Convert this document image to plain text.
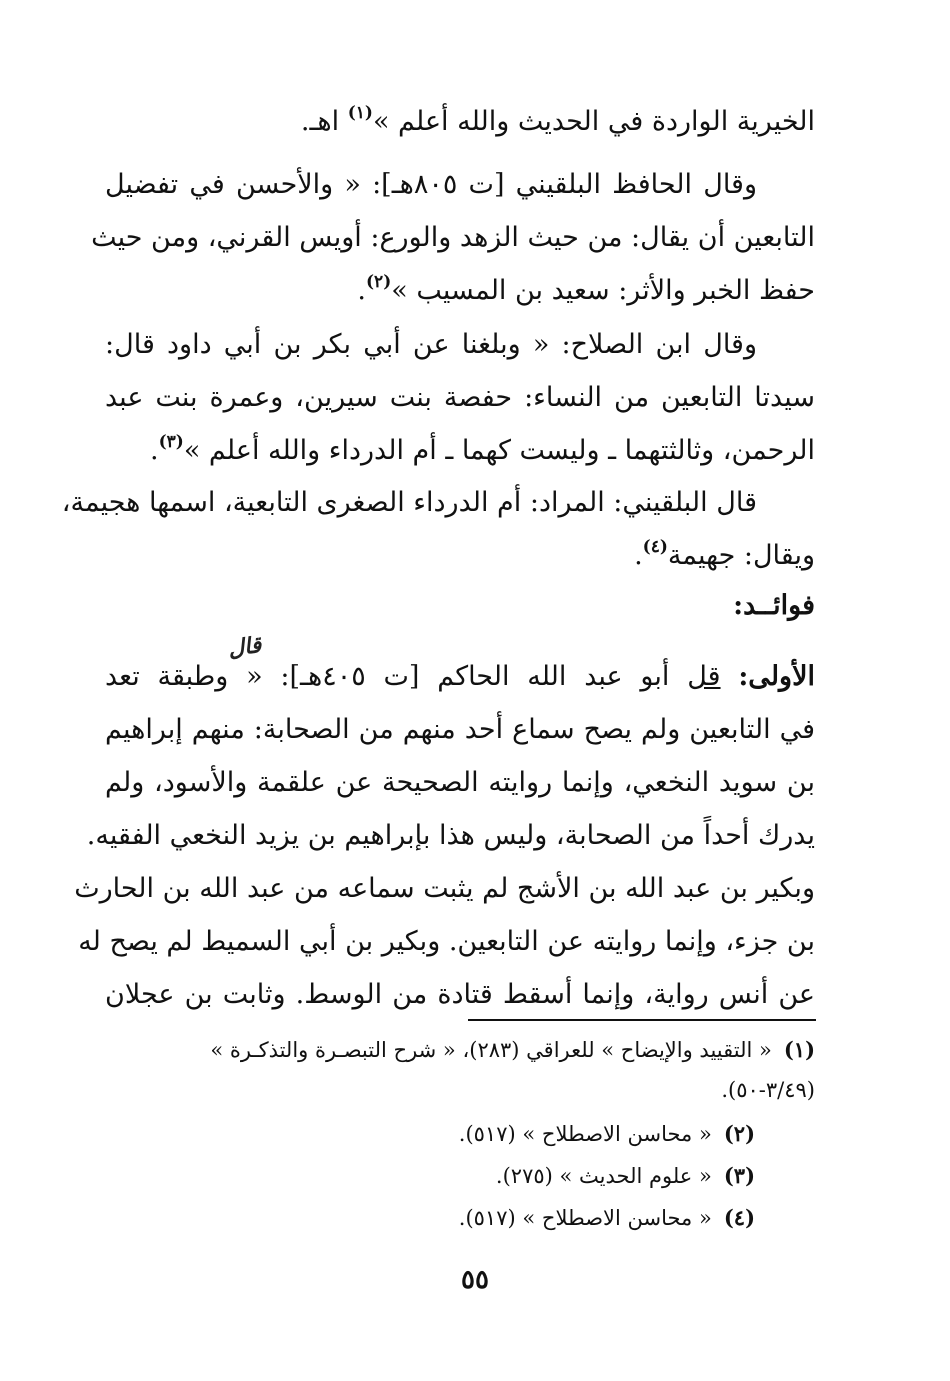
الخيرية الواردة في الحديث والله أعلم »$^{(١)}$ اهـ.

وقال الحافظ البلقيني [ت ٨٠٥هـ]: « والأحسن في تفضيل
التابعين أن يقال: من حيث الزهد والورع: أويس القرني، ومن حيث
حفظ الخبر والأثر: سعيد بن المسيب »$^{(٢)}$.

وقال ابن الصلاح: « وبلغنا عن أبي بكر بن أبي داود قال:
سيدتا التابعين من النساء: حفصة بنت سيرين، وعمرة بنت عبد
الرحمن، وثالثتهما ـ وليست كهما ـ أم الدرداء والله أعلم »$^{(٣)}$.

قال البلقيني: المراد: أم الدرداء الصغرى التابعية، اسمها هجيمة،
ويقال: جهيمة$^{(٤)}$.

فوائــد:
قال

الأولى: قل أبو عبد الله الحاكم [ت ٤٠٥هـ]: « وطبقة تعد
في التابعين ولم يصح سماع أحد منهم من الصحابة: منهم إبراهيم
بن سويد النخعي، وإنما روايته الصحيحة عن علقمة والأسود، ولم
يدرك أحداً من الصحابة، وليس هذا بإبراهيم بن يزيد النخعي الفقيه.
وبكير بن عبد الله بن الأشج لم يثبت سماعه من عبد الله بن الحارث
بن جزء، وإنما روايته عن التابعين. وبكير بن أبي السميط لم يصح له
عن أنس رواية، وإنما أسقط قتادة من الوسط. وثابت بن عجلان

(١)« التقييد والإيضاح » للعراقي (٢٨٣)، « شرح التبصـرة والتذكـرة »
(٣/٤٩-٥٠).
(٢)« محاسن الاصطلاح » (٥١٧).
(٣)« علوم الحديث » (٢٧٥).
(٤)« محاسن الاصطلاح » (٥١٧).
٥٥
